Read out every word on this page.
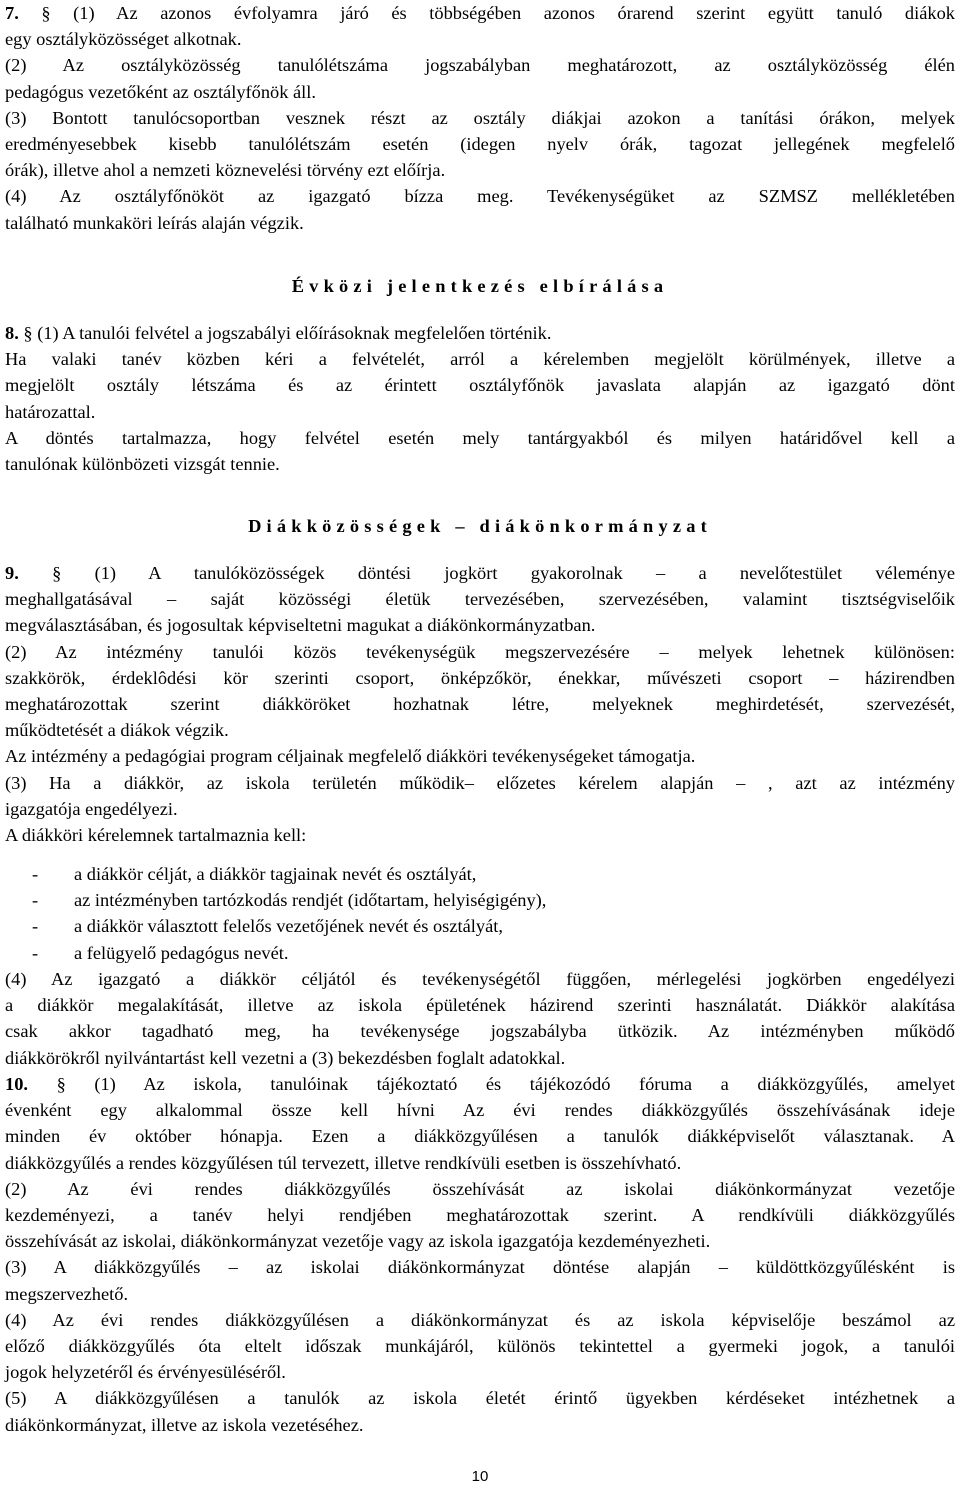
7. § (1) Az azonos évfolyamra járó és többségében azonos órarend szerint együtt tanuló diákok
egy osztályközösséget alkotnak.
(2) Az osztályközösség tanulólétszáma jogszabályban meghatározott, az osztályközösség élén
pedagógus vezetőként az osztályfőnök áll.
(3) Bontott tanulócsoportban vesznek részt az osztály diákjai azokon a tanítási órákon, melyek
eredményesebbek kisebb tanulólétszám esetén (idegen nyelv órák, tagozat jellegének megfelelő
órák), illetve ahol a nemzeti köznevelési törvény ezt előírja.
(4) Az osztályfőnököt az igazgató bízza meg. Tevékenységüket az SZMSZ mellékletében
található munkaköri leírás alaján végzik.
Évközi jelentkezés elbírálása
8. § (1) A tanulói felvétel a jogszabályi előírásoknak megfelelően történik.
Ha valaki tanév közben kéri a felvételét, arról a kérelemben megjelölt körülmények, illetve a
megjelölt osztály létszáma és az érintett osztályfőnök javaslata alapján az igazgató dönt
határozattal.
A döntés tartalmazza, hogy felvétel esetén mely tantárgyakból és milyen határidővel kell a
tanulónak különbözeti vizsgát tennie.
Diákközösségek – diákönkormányzat
9. § (1) A tanulóközösségek döntési jogkört gyakorolnak – a nevelőtestület véleménye
meghallgatásával – saját közösségi életük tervezésében, szervezésében, valamint tisztségviselőik
megválasztásában, és jogosultak képviseltetni magukat a diákönkormányzatban.
(2) Az intézmény tanulói közös tevékenységük megszervezésére – melyek lehetnek különösen:
szakkörök, érdeklôdési kör szerinti csoport, önképzőkör, énekkar, művészeti csoport – házirendben
meghatározottak szerint diákköröket hozhatnak létre, melyeknek meghirdetését, szervezését,
működtetését a diákok végzik.
Az intézmény a pedagógiai program céljainak megfelelő diákköri tevékenységeket támogatja.
(3) Ha a diákkör, az iskola területén működik– előzetes kérelem alapján – , azt az intézmény
igazgatója engedélyezi.
A diákköri kérelemnek tartalmaznia kell:
- a diákkör célját, a diákkör tagjainak nevét és osztályát,
- az intézményben tartózkodás rendjét (időtartam, helyiségigény),
- a diákkör választott felelős vezetőjének nevét és osztályát,
- a felügyelő pedagógus nevét.
(4) Az igazgató a diákkör céljától és tevékenységétől függően, mérlegelési jogkörben engedélyezi
a diákkör megalakítását, illetve az iskola épületének házirend szerinti használatát. Diákkör alakítása
csak akkor tagadható meg, ha tevékenysége jogszabályba ütközik. Az intézményben működő
diákkörökről nyilvántartást kell vezetni a (3) bekezdésben foglalt adatokkal.
10. § (1) Az iskola, tanulóinak tájékoztató és tájékozódó fóruma a diákközgyűlés, amelyet
évenként egy alkalommal össze kell hívni Az évi rendes diákközgyűlés összehívásának ideje
minden év október hónapja. Ezen a diákközgyűlésen a tanulók diákképviselőt választanak. A
diákközgyűlés a rendes közgyűlésen túl tervezett, illetve rendkívüli esetben is összehívható.
(2) Az évi rendes diákközgyűlés összehívását az iskolai diákönkormányzat vezetője
kezdeményezi, a tanév helyi rendjében meghatározottak szerint. A rendkívüli diákközgyűlés
összehívását az iskolai, diákönkormányzat vezetője vagy az iskola igazgatója kezdeményezheti.
(3) A diákközgyűlés – az iskolai diákönkormányzat döntése alapján – küldöttközgyűlésként is
megszervezhető.
(4) Az évi rendes diákközgyűlésen a diákönkormányzat és az iskola képviselője beszámol az
előző diákközgyűlés óta eltelt időszak munkájáról, különös tekintettel a gyermeki jogok, a tanulói
jogok helyzetéről és érvényesüléséről.
(5) A diákközgyűlésen a tanulók az iskola életét érintő ügyekben kérdéseket intézhetnek a
diákönkormányzat, illetve az iskola vezetéséhez.
10
